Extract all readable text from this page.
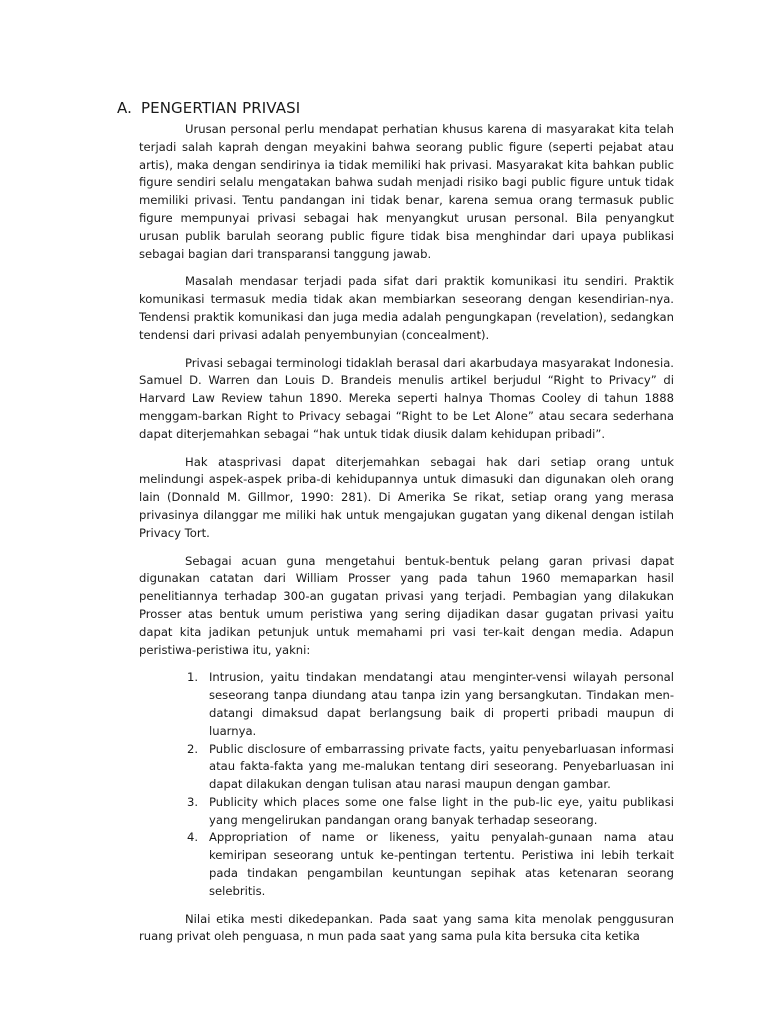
A. PENGERTIAN PRIVASI

Urusan personal perlu mendapat perhatian khusus karena di masyarakat kita telah terjadi salah kaprah dengan meyakini bahwa seorang public figure (seperti pejabat atau artis), maka dengan sendirinya ia tidak memiliki hak privasi. Masyarakat kita bahkan public figure sendiri selalu mengatakan bahwa sudah menjadi risiko bagi public figure untuk tidak memiliki privasi. Tentu pandangan ini tidak benar, karena semua orang termasuk public figure mempunyai privasi sebagai hak menyangkut urusan personal. Bila penyangkut urusan publik barulah seorang public figure tidak bisa menghindar dari upaya publikasi sebagai bagian dari transparansi tanggung jawab.

Masalah mendasar terjadi pada sifat dari praktik komunikasi itu sendiri. Praktik komunikasi termasuk media tidak akan membiarkan seseorang dengan kesendirian-nya. Tendensi praktik komunikasi dan juga media adalah pengungkapan (revelation), sedangkan tendensi dari privasi adalah penyembunyian (concealment).

Privasi sebagai terminologi tidaklah berasal dari akarbudaya masyarakat Indonesia. Samuel D. Warren dan Louis D. Brandeis menulis artikel berjudul “Right to Privacy” di Harvard Law Review tahun 1890. Mereka seperti halnya Thomas Cooley di tahun 1888 menggam-barkan Right to Privacy sebagai “Right to be Let Alone” atau secara sederhana dapat diterjemahkan sebagai “hak untuk tidak diusik dalam kehidupan pribadi”.

Hak atasprivasi dapat diterjemahkan sebagai hak dari setiap orang untuk melindungi aspek-aspek priba-di kehidupannya untuk dimasuki dan digunakan oleh orang lain (Donnald M. Gillmor, 1990: 281). Di Amerika Se rikat, setiap orang yang merasa privasinya dilanggar me miliki hak untuk mengajukan gugatan yang dikenal dengan istilah Privacy Tort.

Sebagai acuan guna mengetahui bentuk-bentuk pelang garan privasi dapat digunakan catatan dari William Prosser yang pada tahun 1960 memaparkan hasil penelitiannya terhadap 300-an gugatan privasi yang terjadi. Pembagian yang dilakukan Prosser atas bentuk umum peristiwa yang sering dijadikan dasar gugatan privasi yaitu dapat kita jadikan petunjuk untuk memahami pri vasi ter-kait dengan media. Adapun peristiwa-peristiwa itu, yakni:

1. Intrusion, yaitu tindakan mendatangi atau menginter-vensi wilayah personal seseorang tanpa diundang atau tanpa izin yang bersangkutan. Tindakan men-datangi dimaksud dapat berlangsung baik di properti pribadi maupun di luarnya.
2. Public disclosure of embarrassing private facts, yaitu penyebarluasan informasi atau fakta-fakta yang me-malukan tentang diri seseorang. Penyebarluasan ini dapat dilakukan dengan tulisan atau narasi maupun dengan gambar.
3. Publicity which places some one false light in the pub-lic eye, yaitu publikasi yang mengelirukan pandangan orang banyak terhadap seseorang.
4. Appropriation of name or likeness, yaitu penyalah-gunaan nama atau kemiripan seseorang untuk ke-pentingan tertentu. Peristiwa ini lebih terkait pada tindakan pengambilan keuntungan sepihak atas ketenaran seorang selebritis.

Nilai etika mesti dikedepankan. Pada saat yang sama kita menolak penggusuran ruang privat oleh penguasa, n mun pada saat yang sama pula kita bersuka cita ketika
